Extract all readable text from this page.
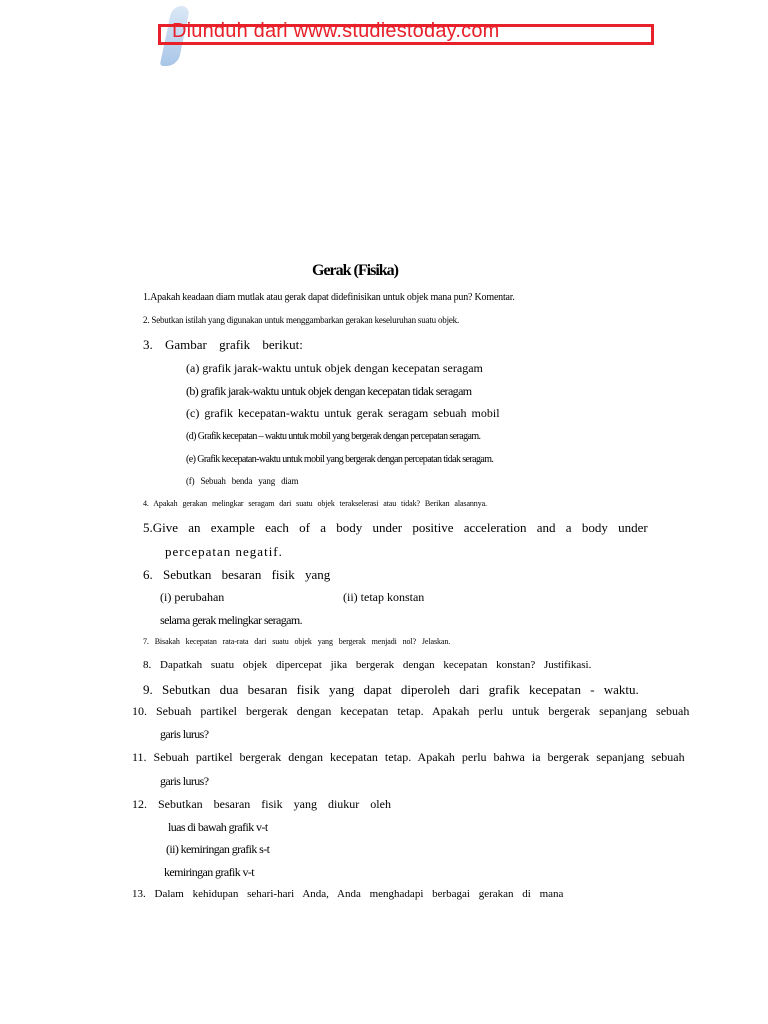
Diunduh dari www.studiestoday.com
Gerak (Fisika)
1.Apakah keadaan diam mutlak atau gerak dapat didefinisikan untuk objek mana pun? Komentar.
2. Sebutkan istilah yang digunakan untuk menggambarkan gerakan keseluruhan suatu objek.
3. Gambar grafik berikut:
(a) grafik jarak-waktu untuk objek dengan kecepatan seragam
(b) grafik jarak-waktu untuk objek dengan kecepatan tidak seragam
(c) grafik kecepatan-waktu untuk gerak seragam sebuah mobil
(d) Grafik kecepatan – waktu untuk mobil yang bergerak dengan percepatan seragam.
(e) Grafik kecepatan-waktu untuk mobil yang bergerak dengan percepatan tidak seragam.
(f) Sebuah benda yang diam
4. Apakah gerakan melingkar seragam dari suatu objek terakselerasi atau tidak? Berikan alasannya.
5.Give an example each of a body under positive acceleration and a body under
percepatan negatif.
6. Sebutkan besaran fisik yang
(i) perubahan	(ii) tetap konstan
selama gerak melingkar seragam.
7. Bisakah kecepatan rata-rata dari suatu objek yang bergerak menjadi nol? Jelaskan.
8. Dapatkah suatu objek dipercepat jika bergerak dengan kecepatan konstan? Justifikasi.
9. Sebutkan dua besaran fisik yang dapat diperoleh dari grafik kecepatan - waktu.
10. Sebuah partikel bergerak dengan kecepatan tetap. Apakah perlu untuk bergerak sepanjang sebuah
garis lurus?
11. Sebuah partikel bergerak dengan kecepatan tetap. Apakah perlu bahwa ia bergerak sepanjang sebuah
garis lurus?
12. Sebutkan besaran fisik yang diukur oleh
luas di bawah grafik v-t
(ii) kemiringan grafik s-t
kemiringan grafik v-t
13. Dalam kehidupan sehari-hari Anda, Anda menghadapi berbagai gerakan di mana
